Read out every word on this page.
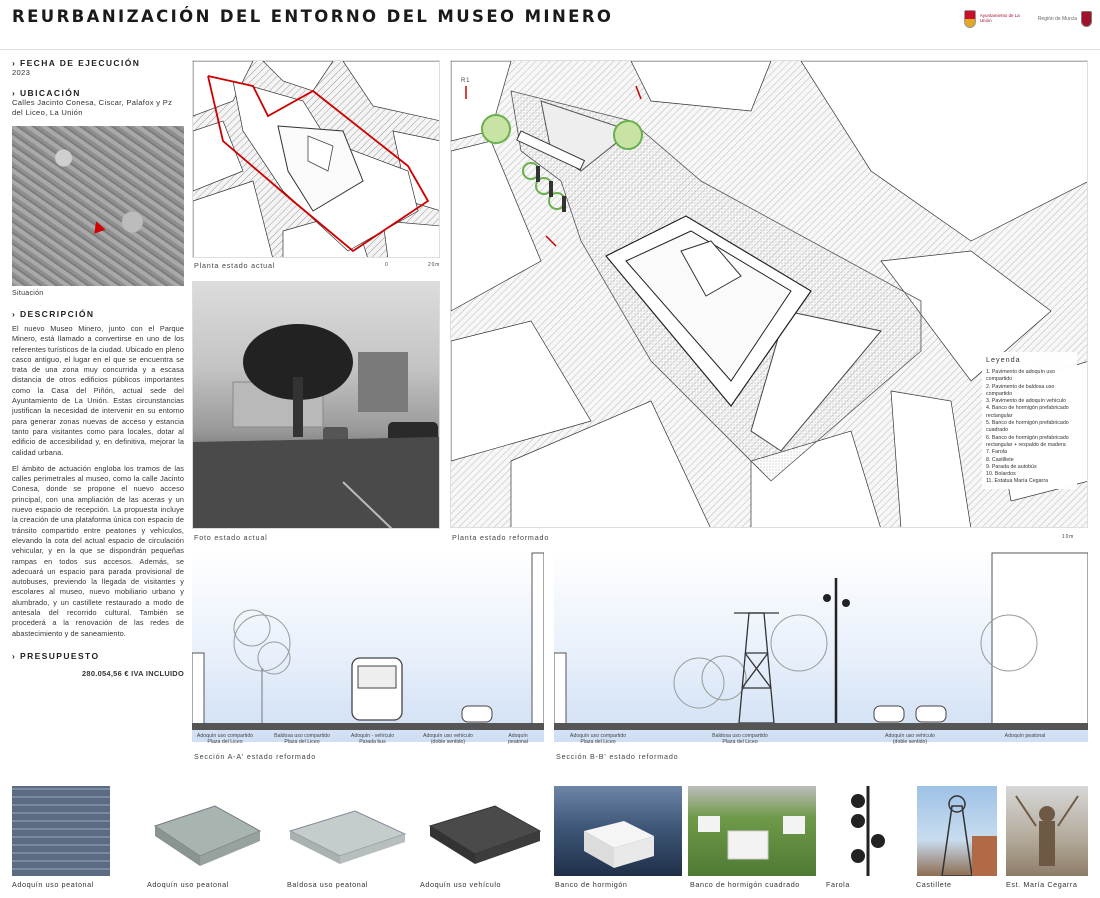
REURBANIZACIÓN DEL ENTORNO DEL MUSEO MINERO	Ayuntamiento de La Unión	Región de Murcia
› FECHA DE EJECUCIÓN
2023
› UBICACIÓN
Calles Jacinto Conesa, Ciscar, Palafox y Pz del Liceo, La Unión
Situación
› DESCRIPCIÓN
El nuevo Museo Minero, junto con el Parque Minero, está llamado a convertirse en uno de los referentes turísticos de la ciudad. Ubicado en pleno casco antiguo, el lugar en el que se encuentra se trata de una zona muy concurrida y a escasa distancia de otros edificios públicos importantes como la Casa del Piñón, actual sede del Ayuntamiento de La Unión. Estas circunstancias justifican la necesidad de intervenir en su entorno para generar zonas nuevas de acceso y estancia tanto para visitantes como para locales, dotar al edificio de accesibilidad y, en definitiva, mejorar la calidad urbana.
El ámbito de actuación engloba los tramos de las calles perimetrales al museo, como la calle Jacinto Conesa, donde se propone el nuevo acceso principal, con una ampliación de las aceras y un nuevo espacio de recepción. La propuesta incluye la creación de una plataforma única con espacio de tránsito compartido entre peatones y vehículos, elevando la cota del actual espacio de circulación vehicular, y en la que se dispondrán pequeñas rampas en todos sus accesos. Además, se adecuará un espacio para parada provisional de autobuses, previendo la llegada de visitantes y escolares al museo, nuevo mobiliario urbano y alumbrado, y un castillete restaurado a modo de antesala del recorrido cultural. También se procederá a la renovación de las redes de abastecimiento y de saneamiento.
› PRESUPUESTO
280.054,56 € IVA INCLUIDO
Planta estado actual	0	20m
Foto estado actual
R1
Leyenda
1. Pavimento de adoquín uso compartido
2. Pavimento de baldosa uso compartido
3. Pavimento de adoquín vehículo
4. Banco de hormigón prefabricado rectangular
5. Banco de hormigón prefabricado cuadrado
6. Banco de hormigón prefabricado rectangular + respaldo de madera
7. Farola
8. Castillete
9. Parada de autobús
10. Bolardos
11. Estatua María Cegarra
Planta estado reformado	10m
Adoquín uso compartido
Plaza del Liceo
Baldosa uso compartido
Plaza del Liceo
Adoquín - vehículo
Parada bus
Adoquín uso vehículo
(doble sentido)
Adoquín
peatonal
Sección A-A' estado reformado
Adoquín uso compartido
Plaza del Liceo
Baldosa uso compartido
Plaza del Liceo
Adoquín uso vehículo
(doble sentido)
Adoquín peatonal
Sección B-B' estado reformado
Adoquín uso peatonal	Adoquín uso peatonal	Baldosa uso peatonal	Adoquín uso vehículo	Banco de hormigón	Banco de hormigón cuadrado	Farola	Castillete	Est. María Cegarra
